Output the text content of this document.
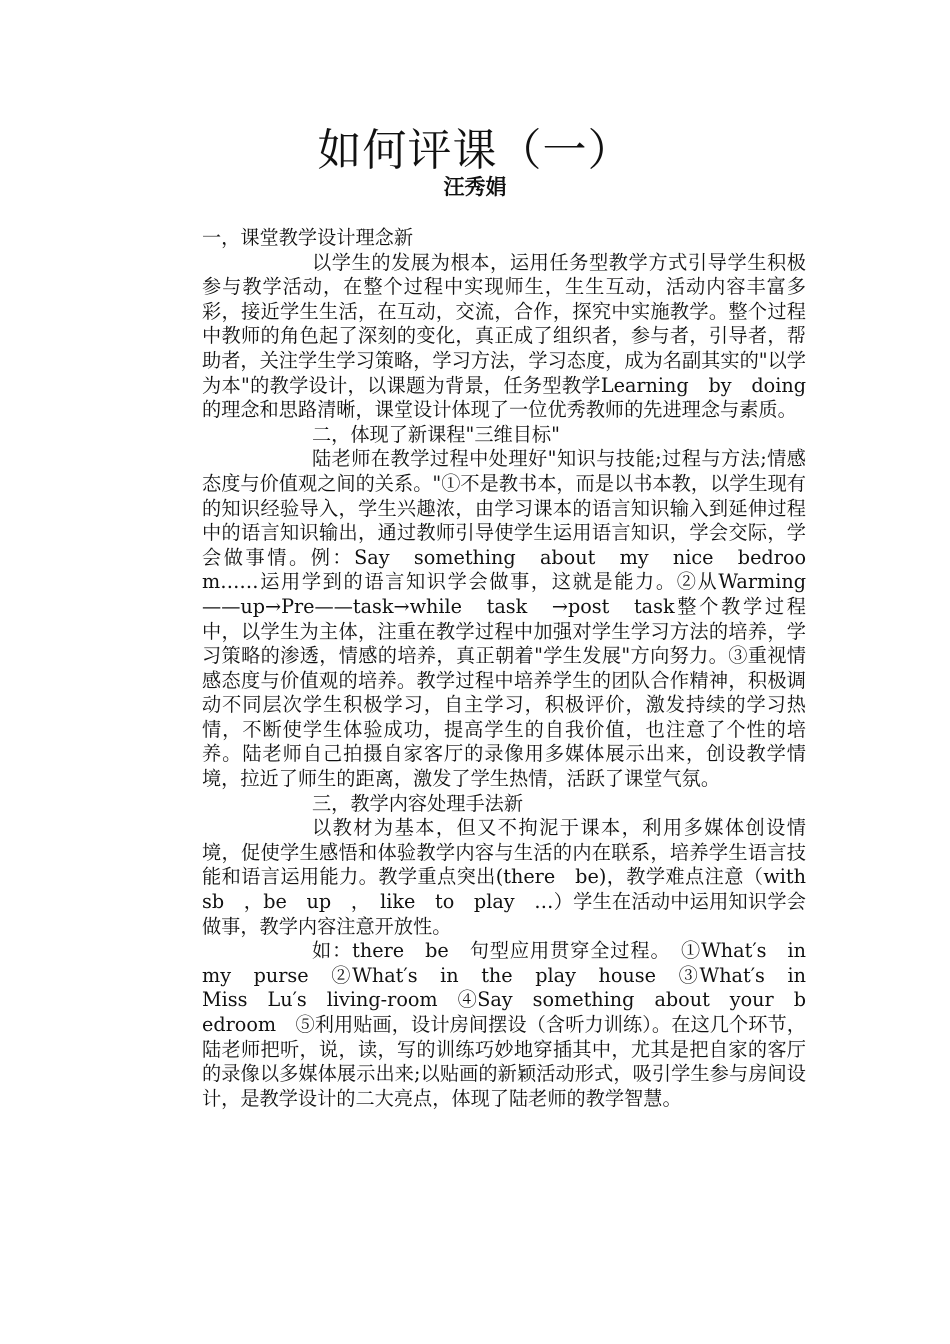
如何评课（一）
汪秀娟

一，课堂教学设计理念新

以学生的发展为根本，运用任务型教学方式引导学生积极参与教学活动，在整个过程中实现师生，生生互动，活动内容丰富多彩，接近学生生活，在互动，交流，合作，探究中实施教学。整个过程中教师的角色起了深刻的变化，真正成了组织者，参与者，引导者，帮助者，关注学生学习策略，学习方法，学习态度，成为名副其实的"以学为本"的教学设计，以课题为背景，任务型教学Learning　by　doing　的理念和思路清晰，课堂设计体现了一位优秀教师的先进理念与素质。

二，体现了新课程"三维目标"

陆老师在教学过程中处理好"知识与技能;过程与方法;情感态度与价值观之间的关系。"①不是教书本，而是以书本教，以学生现有的知识经验导入，学生兴趣浓，由学习课本的语言知识输入到延伸过程中的语言知识输出，通过教师引导使学生运用语言知识，学会交际，学会做事情。例：Say　something　about　my　nice　bedroom……运用学到的语言知识学会做事，这就是能力。②从Warming——up→Pre——task→while　task　→post　task整个教学过程中，以学生为主体，注重在教学过程中加强对学生学习方法的培养，学习策略的渗透，情感的培养，真正朝着"学生发展"方向努力。③重视情感态度与价值观的培养。教学过程中培养学生的团队合作精神，积极调动不同层次学生积极学习，自主学习，积极评价，激发持续的学习热情，不断使学生体验成功，提高学生的自我价值，也注意了个性的培养。陆老师自己拍摄自家客厅的录像用多媒体展示出来，创设教学情境，拉近了师生的距离，激发了学生热情，活跃了课堂气氛。

三，教学内容处理手法新

以教材为基本，但又不拘泥于课本，利用多媒体创设情境，促使学生感悟和体验教学内容与生活的内在联系，培养学生语言技能和语言运用能力。教学重点突出(there　be)，教学难点注意（with　sb　，be　up　，　like　to　play　…）学生在活动中运用知识学会做事，教学内容注意开放性。

如：there　be　句型应用贯穿全过程。　①What′s　in　my　purse　②What′s　in　the　play　house　③What′s　in　Miss　Lu′s　living-room　④Say　something　about　your　bedroom　⑤利用贴画，设计房间摆设（含听力训练）。在这几个环节，陆老师把听，说，读，写的训练巧妙地穿插其中，尤其是把自家的客厅的录像以多媒体展示出来;以贴画的新颖活动形式，吸引学生参与房间设计，是教学设计的二大亮点，体现了陆老师的教学智慧。
